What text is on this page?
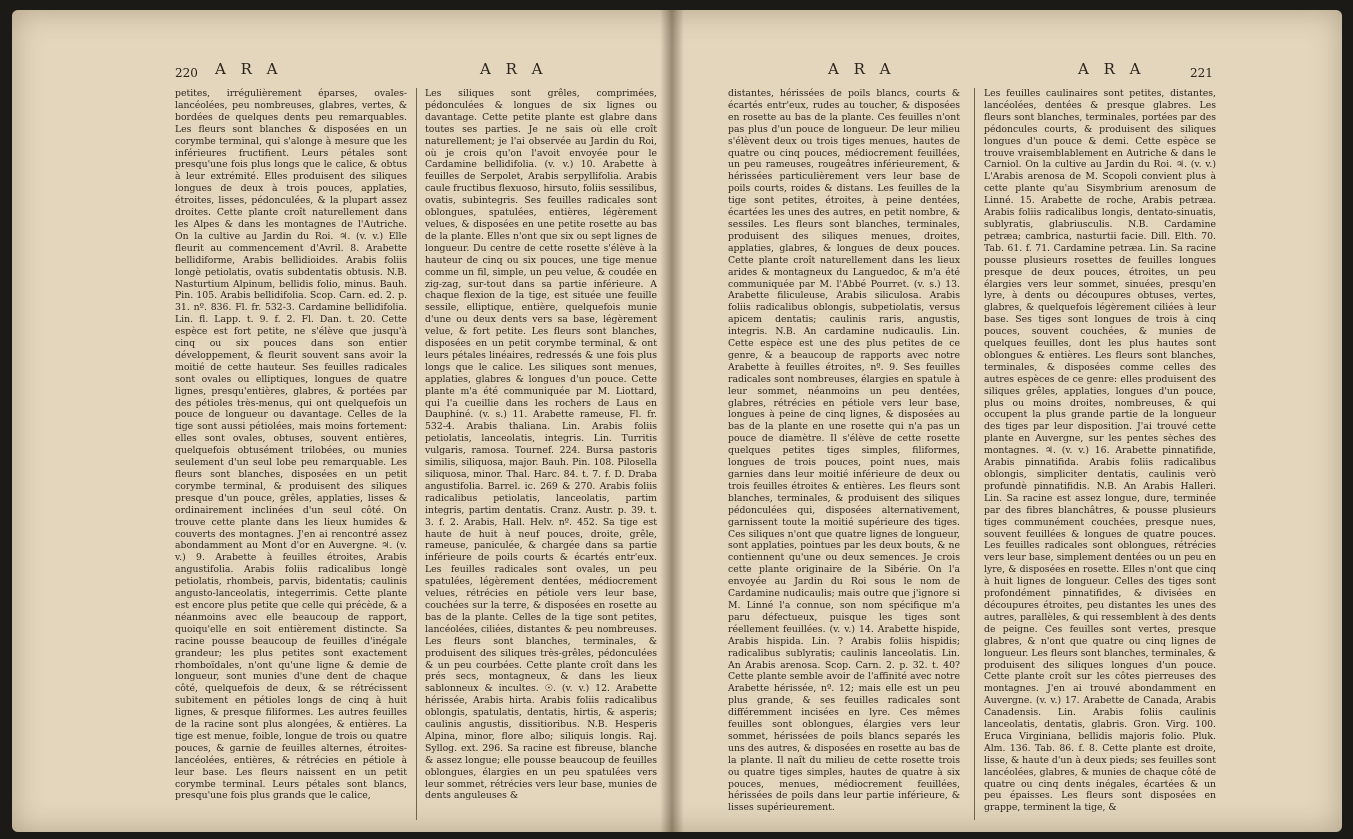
220 A R A	A R A
petites, irrégulièrement éparses, ovales-lancéolées, peu nombreuses, glabres, vertes, & bordées de quelques dents peu remarquables. Les fleurs sont blanches & disposées en un corymbe terminal, qui s'alonge à mesure que les inférieures fructifient. Leurs pétales sont presqu'une fois plus longs que le calice, & obtus à leur extrémité. Elles produisent des siliques longues de deux à trois pouces, applaties, étroites, lisses, pédonculées, & la plupart assez droites. Cette plante croît naturellement dans les Alpes & dans les montagnes de l'Autriche. On la cultive au Jardin du Roi. ♃. (v. v.) Elle fleurit au commencement d'Avril. 8. Arabette bellidiforme, Arabis bellidioides. Arabis foliis longè petiolatis, ovatis subdentatis obtusis. N.B. Nasturtium Alpinum, bellidis folio, minus. Bauh. Pin. 105. Arabis bellidifolia. Scop. Carn. ed. 2. p. 31. nº. 836. Fl. fr. 532-3. Cardamine bellidifolia. Lin. fl. Lapp. t. 9. f. 2. Fl. Dan. t. 20. Cette espèce est fort petite, ne s'élève que jusqu'à cinq ou six pouces dans son entier développement, & fleurit souvent sans avoir la moitié de cette hauteur. Ses feuilles radicales sont ovales ou elliptiques, longues de quatre lignes, presqu'entières, glabres, & portées par des pétioles très-menus, qui ont quelquefois un pouce de longueur ou davantage. Celles de la tige sont aussi pétiolées, mais moins fortement: elles sont ovales, obtuses, souvent entières, quelquefois obtusément trilobées, ou munies seulement d'un seul lobe peu remarquable. Les fleurs sont blanches, disposées en un petit corymbe terminal, & produisent des siliques presque d'un pouce, grêles, applaties, lisses & ordinairement inclinées d'un seul côté. On trouve cette plante dans les lieux humides & couverts des montagnes. J'en ai rencontré assez abondamment au Mont d'or en Auvergne. ♃. (v. v.) 9. Arabette à feuilles étroites, Arabis angustifolia. Arabis foliis radicalibus longè petiolatis, rhombeis, parvis, bidentatis; caulinis angusto-lanceolatis, integerrimis. Cette plante est encore plus petite que celle qui précède, & a néanmoins avec elle beaucoup de rapport, quoiqu'elle en soit entièrement distincte. Sa racine pousse beaucoup de feuilles d'inégale grandeur; les plus petites sont exactement rhomboïdales, n'ont qu'une ligne & demie de longueur, sont munies d'une dent de chaque côté, quelquefois de deux, & se rétrécissent subitement en pétioles longs de cinq à huit lignes, & presque filiformes. Les autres feuilles de la racine sont plus alongées, & entières. La tige est menue, foible, longue de trois ou quatre pouces, & garnie de feuilles alternes, étroites-lancéolées, entières, & rétrécies en pétiole à leur base. Les fleurs naissent en un petit corymbe terminal. Leurs pétales sont blancs, presqu'une fois plus grands que le calice,
Les siliques sont grêles, comprimées, pédonculées & longues de six lignes ou davantage. Cette petite plante est glabre dans toutes ses parties. Je ne sais où elle croît naturellement; je l'ai observée au Jardin du Roi, où je crois qu'on l'avoit envoyée pour le Cardamine bellidifolia. (v. v.) 10. Arabette à feuilles de Serpolet, Arabis serpyllifolia. Arabis caule fructibus flexuoso, hirsuto, foliis sessilibus, ovatis, subintegris. Ses feuilles radicales sont oblongues, spatulées, entières, légèrement velues, & disposées en une petite rosette au bas de la plante. Elles n'ont que six ou sept lignes de longueur. Du centre de cette rosette s'élève à la hauteur de cinq ou six pouces, une tige menue comme un fil, simple, un peu velue, & coudée en zig-zag, sur-tout dans sa partie inférieure. A chaque flexion de la tige, est située une feuille sessile, elliptique, entière, quelquefois munie d'une ou deux dents vers sa base, légèrement velue, & fort petite. Les fleurs sont blanches, disposées en un petit corymbe terminal, & ont leurs pétales linéaires, redressés & une fois plus longs que le calice. Les siliques sont menues, applaties, glabres & longues d'un pouce. Cette plante m'a été communiquée par M. Liottard, qui l'a cueillie dans les rochers de Laus en Dauphiné. (v. s.) 11. Arabette rameuse, Fl. fr. 532-4. Arabis thaliana. Lin. Arabis foliis petiolatis, lanceolatis, integris. Lin. Turritis vulgaris, ramosa. Tournef. 224. Bursa pastoris similis, siliquosa, major. Bauh. Pin. 108. Pilosella siliquosa, minor. Thal. Harc. 84. t. 7. f. D. Draba angustifolia. Barrel. ic. 269 & 270. Arabis foliis radicalibus petiolatis, lanceolatis, partim integris, partim dentatis. Cranz. Austr. p. 39. t. 3. f. 2. Arabis, Hall. Helv. nº. 452. Sa tige est haute de huit à neuf pouces, droite, grêle, rameuse, paniculée, & chargée dans sa partie inférieure de poils courts & écartés entr'eux. Les feuilles radicales sont ovales, un peu spatulées, légèrement dentées, médiocrement velues, rétrécies en pétiole vers leur base, couchées sur la terre, & disposées en rosette au bas de la plante. Celles de la tige sont petites, lancéolées, ciliées, distantes & peu nombreuses. Les fleurs sont blanches, terminales, & produisent des siliques très-grêles, pédonculées & un peu courbées. Cette plante croît dans les prés secs, montagneux, & dans les lieux sablonneux & incultes. ☉. (v. v.) 12. Arabette hérissée, Arabis hirta. Arabis foliis radicalibus oblongis, spatulatis, dentatis, hirtis, & asperis; caulinis angustis, dissitioribus. N.B. Hesperis Alpina, minor, flore albo; siliquis longis. Raj. Syllog. ext. 296. Sa racine est fibreuse, blanche & assez longue; elle pousse beaucoup de feuilles oblongues, élargies en un peu spatulées vers leur sommet, rétrécies vers leur base, munies de dents anguleuses &
A R A	A R A	221
distantes, hérissées de poils blancs, courts & écartés entr'eux, rudes au toucher, & disposées en rosette au bas de la plante. Ces feuilles n'ont pas plus d'un pouce de longueur. De leur milieu s'élèvent deux ou trois tiges menues, hautes de quatre ou cinq pouces, médiocrement feuillées, un peu rameuses, rougeâtres inférieurement, & hérissées particulièrement vers leur base de poils courts, roides & distans. Les feuilles de la tige sont petites, étroites, à peine dentées, écartées les unes des autres, en petit nombre, & sessiles. Les fleurs sont blanches, terminales, produisent des siliques menues, droites, applaties, glabres, & longues de deux pouces. Cette plante croît naturellement dans les lieux arides & montagneux du Languedoc, & m'a été communiquée par M. l'Abbé Pourret. (v. s.) 13. Arabette filiculeuse, Arabis siliculosa. Arabis foliis radicalibus oblongis, subpetiolatis, versus apicem dentatis; caulinis raris, angustis, integris. N.B. An cardamine nudicaulis. Lin. Cette espèce est une des plus petites de ce genre, & a beaucoup de rapports avec notre Arabette à feuilles étroites, nº. 9. Ses feuilles radicales sont nombreuses, élargies en spatule à leur sommet, néanmoins un peu dentées, glabres, rétrécies en pétiole vers leur base, longues à peine de cinq lignes, & disposées au bas de la plante en une rosette qui n'a pas un pouce de diamètre. Il s'élève de cette rosette quelques petites tiges simples, filiformes, longues de trois pouces, point nues, mais garnies dans leur moitié inférieure de deux ou trois feuilles étroites & entières. Les fleurs sont blanches, terminales, & produisent des siliques pédonculées qui, disposées alternativement, garnissent toute la moitié supérieure des tiges. Ces siliques n'ont que quatre lignes de longueur, sont applaties, pointues par les deux bouts, & ne contiennent qu'une ou deux semences. Je crois cette plante originaire de la Sibérie. On l'a envoyée au Jardin du Roi sous le nom de Cardamine nudicaulis; mais outre que j'ignore si M. Linné l'a connue, son nom spécifique m'a paru défectueux, puisque les tiges sont réellement feuillées. (v. v.) 14. Arabette hispide, Arabis hispida. Lin. ? Arabis foliis hispidis; radicalibus sublyratis; caulinis lanceolatis. Lin. An Arabis arenosa. Scop. Carn. 2. p. 32. t. 40? Cette plante semble avoir de l'affinité avec notre Arabette hérissée, nº. 12; mais elle est un peu plus grande, & ses feuilles radicales sont différemment incisées en lyre. Ces mêmes feuilles sont oblongues, élargies vers leur sommet, hérissées de poils blancs separés les uns des autres, & disposées en rosette au bas de la plante. Il naît du milieu de cette rosette trois ou quatre tiges simples, hautes de quatre à six pouces, menues, médiocrement feuillées, hérissées de poils dans leur partie inférieure, & lisses supérieurement.
Les feuilles caulinaires sont petites, distantes, lancéolées, dentées & presque glabres. Les fleurs sont blanches, terminales, portées par des pédoncules courts, & produisent des siliques longues d'un pouce & demi. Cette espèce se trouve vraisemblablement en Autriche & dans le Carniol. On la cultive au Jardin du Roi. ♃. (v. v.) L'Arabis arenosa de M. Scopoli convient plus à cette plante qu'au Sisymbrium arenosum de Linné. 15. Arabette de roche, Arabis petræa. Arabis foliis radicalibus longis, dentato-sinuatis, sublyratis, glabriusculis. N.B. Cardamine petræa; cambrica, nasturtii facie. Dill. Elth. 70. Tab. 61. f. 71. Cardamine petræa. Lin. Sa racine pousse plusieurs rosettes de feuilles longues presque de deux pouces, étroites, un peu élargies vers leur sommet, sinuées, presqu'en lyre, à dents ou découpures obtuses, vertes, glabres, & quelquefois légèrement ciliées à leur base. Ses tiges sont longues de trois à cinq pouces, souvent couchées, & munies de quelques feuilles, dont les plus hautes sont oblongues & entières. Les fleurs sont blanches, terminales, & disposées comme celles des autres espèces de ce genre: elles produisent des siliques grêles, applaties, longues d'un pouce, plus ou moins droites, nombreuses, & qui occupent la plus grande partie de la longueur des tiges par leur disposition. J'ai trouvé cette plante en Auvergne, sur les pentes sèches des montagnes. ♃. (v. v.) 16. Arabette pinnatifide, Arabis pinnatifida. Arabis foliis radicalibus oblongis, simpliciter dentatis, caulinis verò profundè pinnatifidis. N.B. An Arabis Halleri. Lin. Sa racine est assez longue, dure, terminée par des fibres blanchâtres, & pousse plusieurs tiges communément couchées, presque nues, souvent feuillées & longues de quatre pouces. Les feuilles radicales sont oblongues, rétrécies vers leur base, simplement dentées ou un peu en lyre, & disposées en rosette. Elles n'ont que cinq à huit lignes de longueur. Celles des tiges sont profondément pinnatifides, & divisées en découpures étroites, peu distantes les unes des autres, parallèles, & qui ressemblent à des dents de peigne. Ces feuilles sont vertes, presque glabres, & n'ont que quatre ou cinq lignes de longueur. Les fleurs sont blanches, terminales, & produisent des siliques longues d'un pouce. Cette plante croît sur les côtes pierreuses des montagnes. J'en ai trouvé abondamment en Auvergne. (v. v.) 17. Arabette de Canada, Arabis Canadensis. Lin. Arabis foliis caulinis lanceolatis, dentatis, glabris. Gron. Virg. 100. Eruca Virginiana, bellidis majoris folio. Pluk. Alm. 136. Tab. 86. f. 8. Cette plante est droite, lisse, & haute d'un à deux pieds; ses feuilles sont lancéolées, glabres, & munies de chaque côté de quatre ou cinq dents inégales, écartées & un peu épaisses. Les fleurs sont disposées en grappe, terminent la tige, &
